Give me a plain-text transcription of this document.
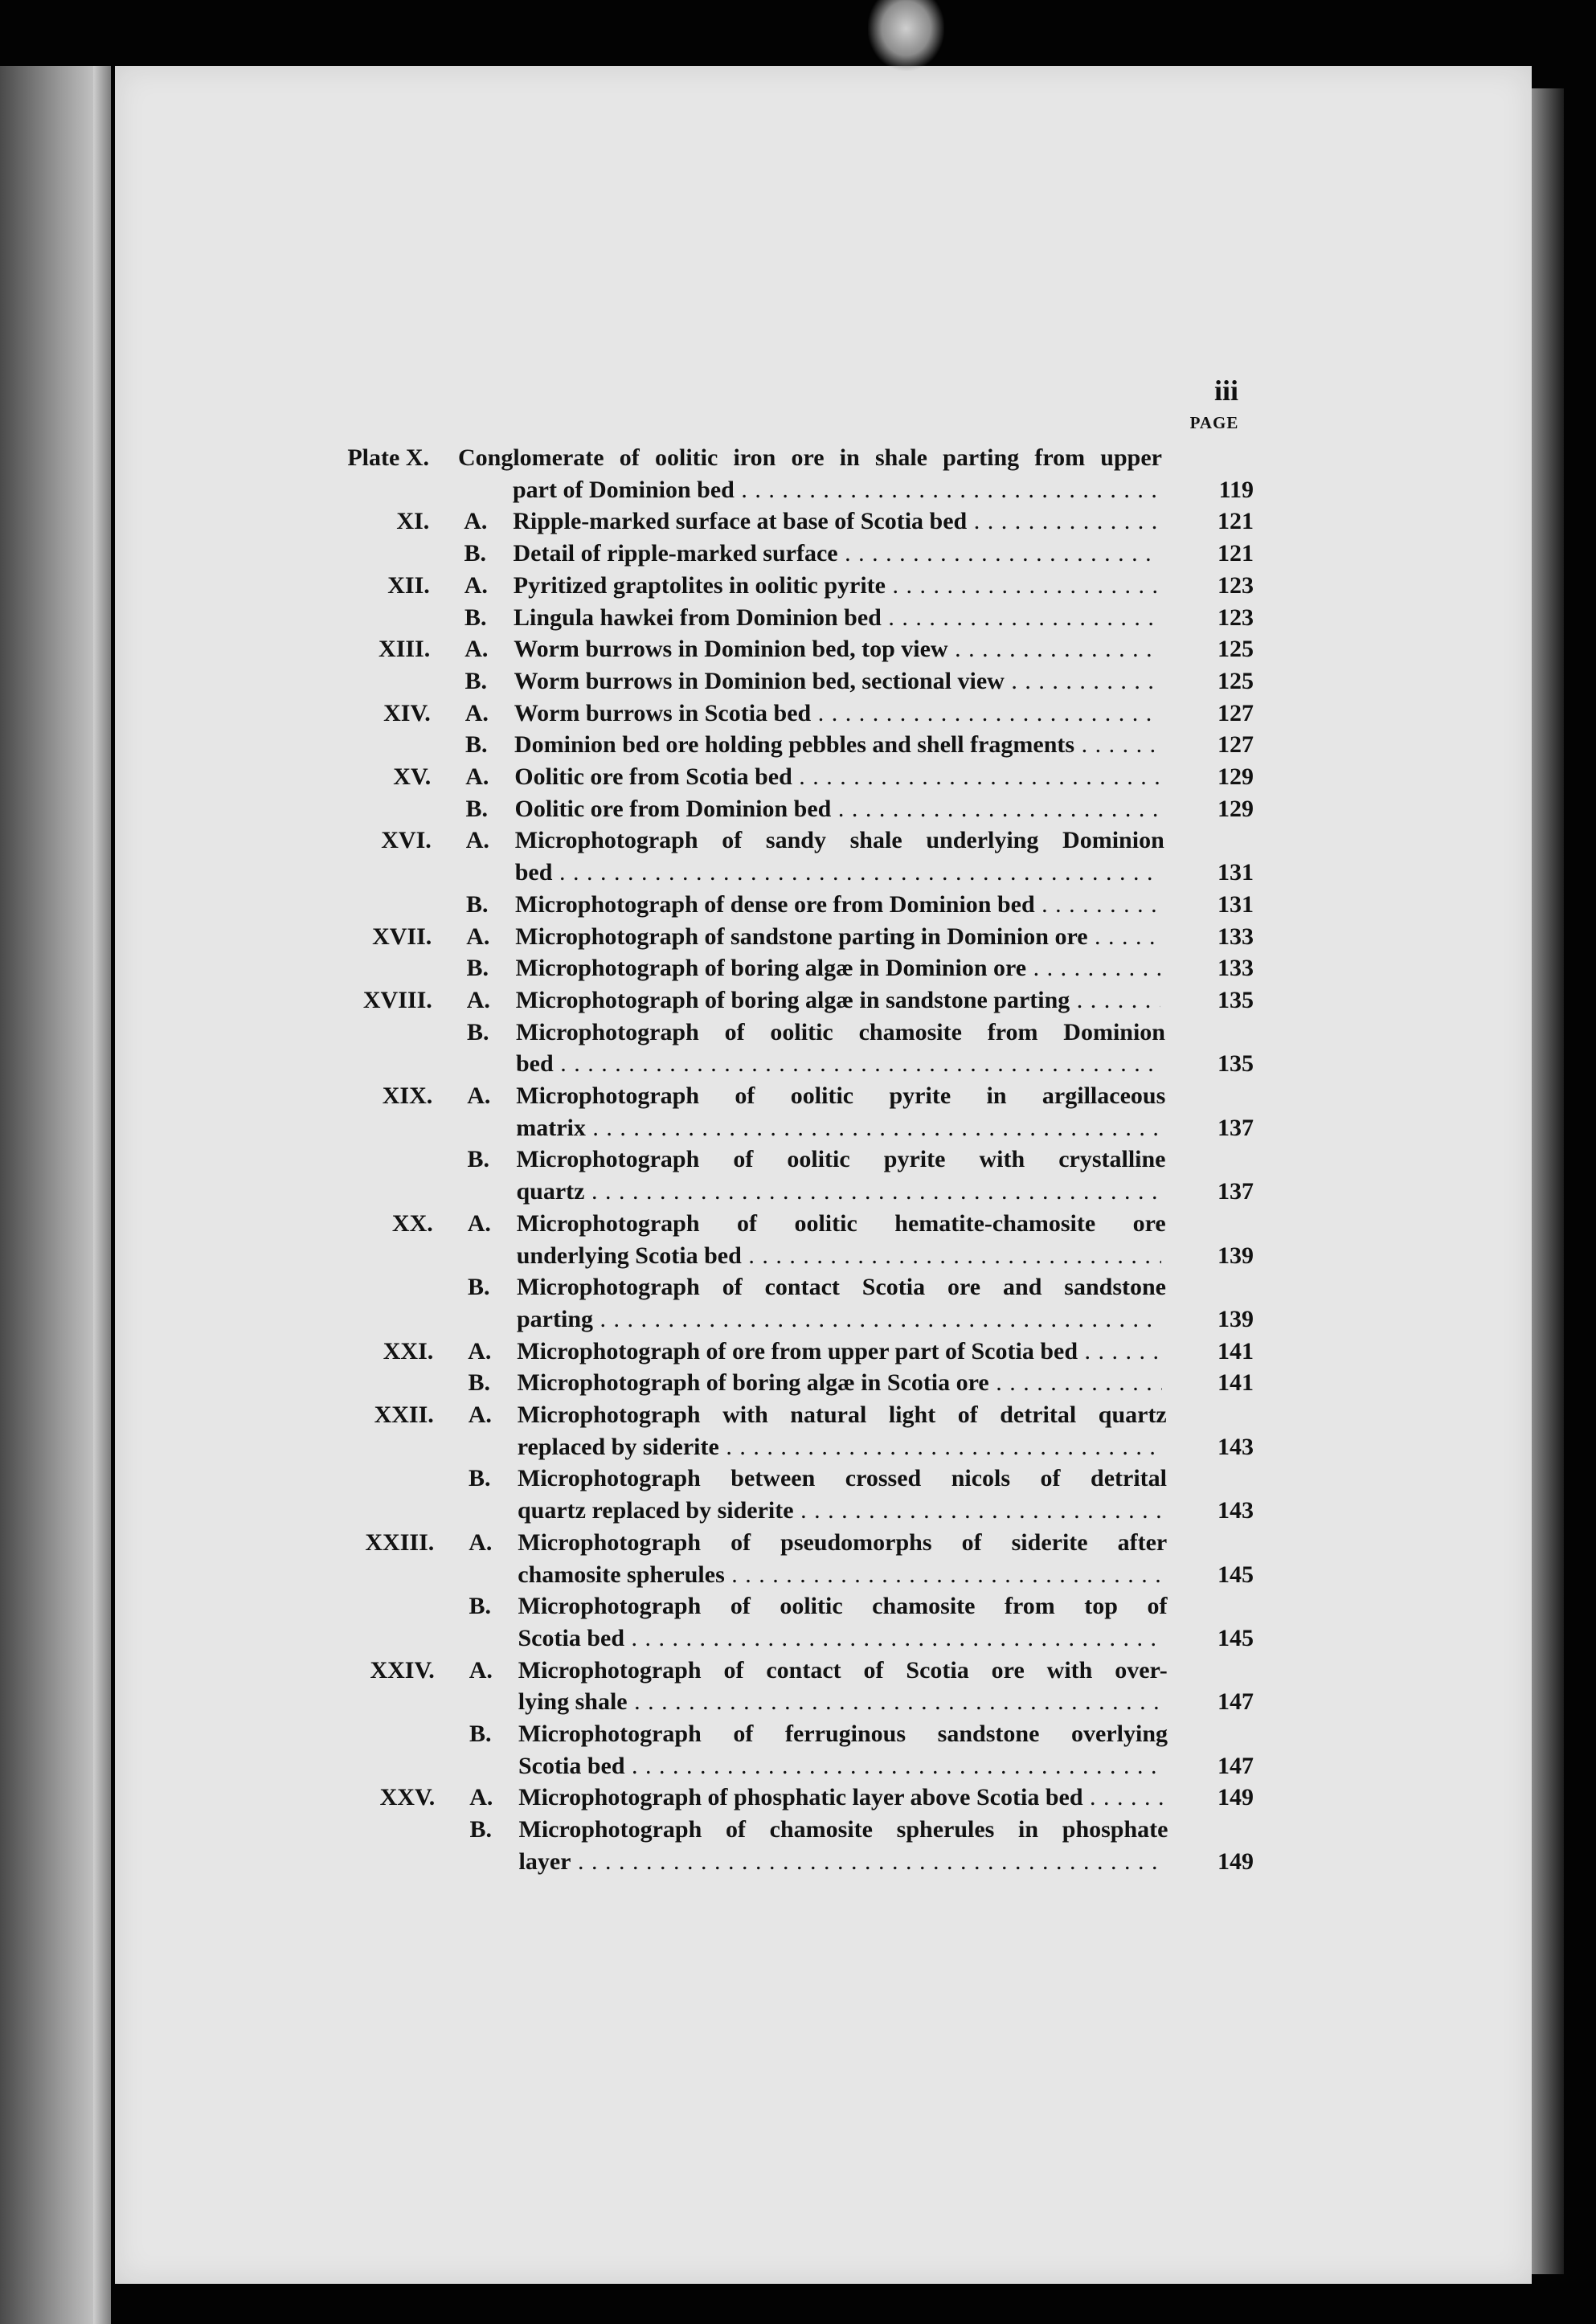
iii
PAGE
Plate X. Conglomerate of oolitic iron ore in shale parting from upper
part of Dominion bed . . .	119
XI. A.	Ripple-marked surface at base of Scotia bed . . .	121
B.	Detail of ripple-marked surface . . .	121
XII. A.	Pyritized graptolites in oolitic pyrite . . .	123
B.	Lingula hawkei from Dominion bed . . .	123
XIII. A.	Worm burrows in Dominion bed, top view . . .	125
B.	Worm burrows in Dominion bed, sectional view . . .	125
XIV. A.	Worm burrows in Scotia bed . . .	127
B.	Dominion bed ore holding pebbles and shell fragments . . .	127
XV. A.	Oolitic ore from Scotia bed . . .	129
B.	Oolitic ore from Dominion bed . . .	129
XVI. A.	Microphotograph of sandy shale underlying Dominion
bed . . .	131
B.	Microphotograph of dense ore from Dominion bed . . .	131
XVII. A.	Microphotograph of sandstone parting in Dominion ore . . .	133
B.	Microphotograph of boring algæ in Dominion ore . . .	133
XVIII. A.	Microphotograph of boring algæ in sandstone parting . . .	135
B.	Microphotograph of oolitic chamosite from Dominion
bed . . .	135
XIX. A.	Microphotograph of oolitic pyrite in argillaceous
matrix . . .	137
B.	Microphotograph of oolitic pyrite with crystalline
quartz . . .	137
XX. A.	Microphotograph of oolitic hematite-chamosite ore
underlying Scotia bed . . .	139
B.	Microphotograph of contact Scotia ore and sandstone
parting . . .	139
XXI. A.	Microphotograph of ore from upper part of Scotia bed . . .	141
B.	Microphotograph of boring algæ in Scotia ore . . .	141
XXII. A.	Microphotograph with natural light of detrital quartz
replaced by siderite . . .	143
B.	Microphotograph between crossed nicols of detrital
quartz replaced by siderite . . .	143
XXIII. A.	Microphotograph of pseudomorphs of siderite after
chamosite spherules . . .	145
B.	Microphotograph of oolitic chamosite from top of
Scotia bed . . .	145
XXIV. A.	Microphotograph of contact of Scotia ore with over-
lying shale . . .	147
B.	Microphotograph of ferruginous sandstone overlying
Scotia bed . . .	147
XXV. A.	Microphotograph of phosphatic layer above Scotia bed . . .	149
B.	Microphotograph of chamosite spherules in phosphate
layer . . .	149
